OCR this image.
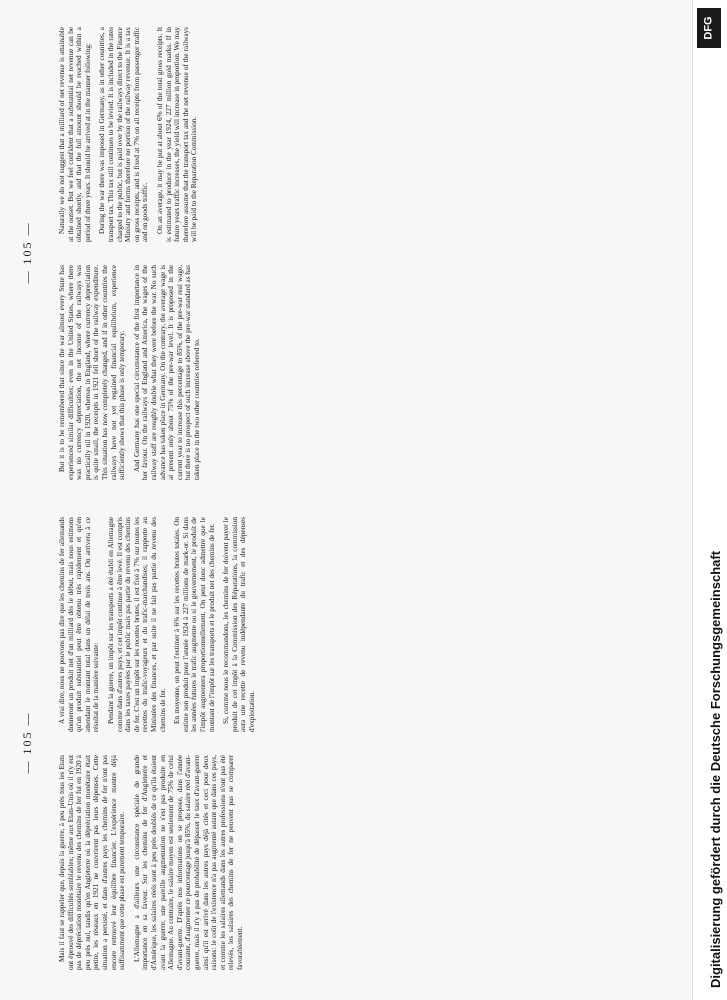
— 105 —

Mais il faut se rappeler que, depuis la guerre, à peu près tous les Etats ont éprouvé des difficultés semblables; même aux Etats-Unis où il n'y eut pas de dépréciation monétaire le revenu des chemins de fer fut en 1920 à peu près nul, tandis qu'en Angleterre où la dépréciation monétaire était petite, les réseaux en 1921 ne couvrirent pas leurs dépenses. Cette situation a persisté, et dans d'autres pays les chemins de fer n'ont pas encore retrouvé leur équilibre financier. L'expérience montre déjà suffisamment que cette phase est purement temporaire. L'Allemagne a d'ailleurs une circonstance spéciale de grande importance en sa faveur. Sur les chemins de fer d'Angleterre et d'Amérique, les salaires réels sont à peu près doublés de ce qu'ils étaient avant la guerre; une pareille augmentation ne s'est pas produite en Allemagne. Au contraire, le salaire moyen est seulement de 75% de celui d'avant-guerre. D'après nos informations on se propose, dans l'année courante, d'augmenter ce pourcentage jusqu'à 85%, du salaire réel d'avant-guerre, mais il n'y a pas de probabilité de dépasser le taux d'avant-guerre ainsi qu'il est arrivé dans les autres pays déjà cités et ceci pour deux raisons: le coût de l'existence n'a pas augmenté autant que dans ces pays, et comme les salaires allemands dans les autres professions n'ont pas été relevés, les salaires des chemins de fer ne peuvent pas se comparer favorablement.

A vrai dire, nous ne pouvons pas dire que les chemins de fer allemands donneront un produit net d'un milliard dès le début, mais nous estimons qu'un produit substantiel peut être obtenu très rapidement et qu'en attendant le montant total dans un délai de trois ans. On arrivera à ce résultat de la manière suivante: Pendant la guerre, un impôt sur les transports a été établi en Allemagne comme dans d'autres pays, et cet impôt continue à être levé. Il est compris dans les taxes payées par le public mais pas partie du revenu des chemins de fer. C'est un impôt sur les recettes brutes, il est fixé à 7% sur toutes les recettes du trafic-voyageurs et du trafic-marchandises; il rapporte au Ministère des finances, et par suite il ne fait pas partie du revenu des chemins de fer. En moyenne, on peut l'estimer à 6% sur les recettes brutes totales. On estime son produit pour l'année 1924 à 227 millions de mark-or. Si dans les années futures le trafic augmente ou si le gouvernement, le produit de l'impôt augmentera proportionnellement. On peut donc admettre que le montant de l'impôt sur les transports et le produit net des chemins de fer. Si, comme nous le recommandons, les chemins de fer doivent payer le produit de cet impôt à la Commission des Réparations, la commission aura une recette de revenu indépendante du trafic et des dépenses d'exploitation.

— 105 —

But it is to be remembered that since the war almost every State has experienced similar difficulties; even in the United States, where there was no currency depreciation, the net income of the railways was practically nil in 1920, whereas in England, where currency depreciation is quite small, the receipts in 1921 fell short of the railway expenditure. This situation has now completely changed, and if in other countries the railways have not yet regained financial equilibrium, experience sufficiently shows that this phase is only temporary. And Germany has one special circumstance of the first importance in her favour. On the railways of England and America, the wages of the railway staff are roughly double what they were before the war. No such advance has taken place in Germany. On the contrary, the average wage is at present only about 75% of the pre-war level. It is proposed in the current year to increase this percentage to 85%, of the pre-war real wage, but there is no prospect of such increase above the pre-war standard as has taken place in the two other countries referred to.

Naturally we do not suggest that a milliard of net revenue is attainable at the outset. But we feel confident that a substantial net revenue can be obtained shortly, and that the full amount should be reached within a period of three years. It should be arrived at in the manner following: During the war there was imposed in Germany, as in other countries, a transport tax. This tax still continues to be levied. It is included in the rates charged to the public, but is paid over by the railways direct to the Finance Ministry and forms therefore no portion of the railway revenue. It is a tax on gross receipts, and is fixed at 7% on all receipts from passenger traffic and on goods traffic. On an average, it may be put at about 6% of the total gross receipts. It is estimated to produce in the year 1924, 227 million gold marks. If in future years traffic increases, the yield will increase in proportion. We may therefore assume that the transport tax and the net revenue of the railways will be paid to the Reparation Commission.

DFG
Digitalisierung gefördert durch die Deutsche Forschungsgemeinschaft
